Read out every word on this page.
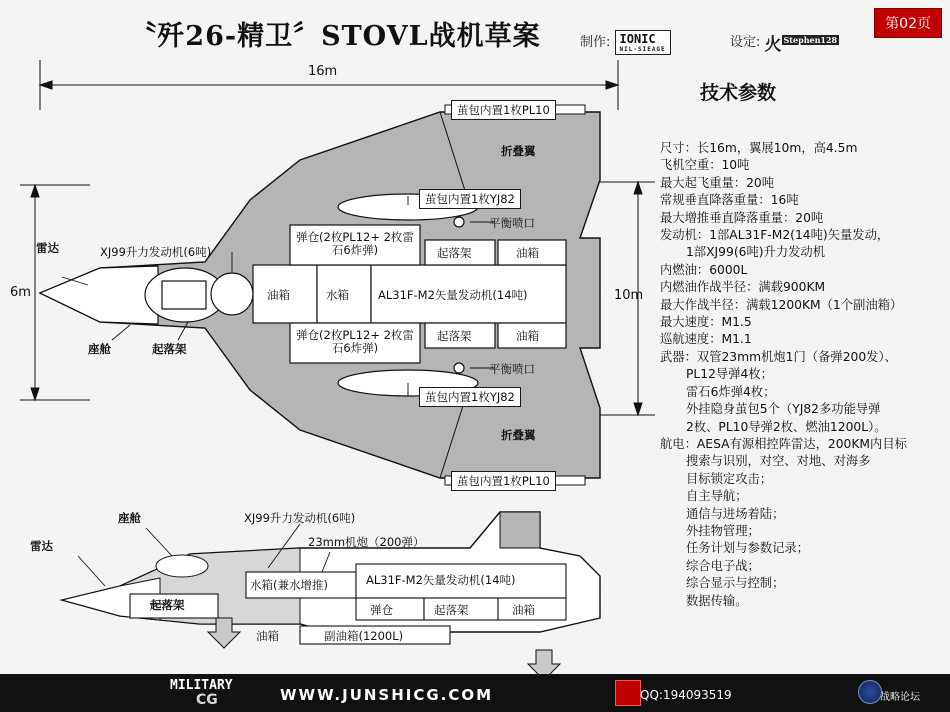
〝歼26-精卫〞STOVL战机草案	制作: IONIC
NIL-SIEAGE	设定: 火 $^{Stephen128}$
第02页
16m
6m	10m
茧包内置1枚PL10
茧包内置1枚YJ82
茧包内置1枚YJ82
茧包内置1枚PL10
折叠翼
折叠翼
平衡喷口
平衡喷口
弹仓(2枚PL12+ 2枚雷石6炸弹)
弹仓(2枚PL12+ 2枚雷石6炸弹)
起落架	油箱
起落架	油箱
油箱	水箱	AL31F-M2矢量发动机(14吨)
雷达
座舱	起落架
XJ99升力发动机(6吨)
雷达
座舱	XJ99升力发动机(6吨)
23mm机炮（200弹）
起落架
水箱(兼水增推)	AL31F-M2矢量发动机(14吨)
弹仓	起落架	油箱
副油箱(1200L)
油箱
技术参数
尺寸：长16m，翼展10m，高4.5m
飞机空重：10吨
最大起飞重量：20吨
常规垂直降落重量：16吨
最大增推垂直降落重量：20吨
发动机：1部AL31F-M2(14吨)矢量发动，
1部XJ99(6吨)升力发动机
内燃油：6000L
内燃油作战半径：满载900KM
最大作战半径：满载1200KM（1个副油箱）
最大速度：M1.5
巡航速度：M1.1
武器：双管23mm机炮1门（备弹200发）、
PL12导弹4枚；
雷石6炸弹4枚；
外挂隐身茧包5个（YJ82多功能导弹
2枚、PL10导弹2枚、燃油1200L）。
航电：AESA有源相控阵雷达，200KM内目标
搜索与识别，对空、对地、对海多
目标锁定攻击；
自主导航；
通信与进场着陆；
外挂物管理；
任务计划与参数记录；
综合电子战；
综合显示与控制；
数据传输。
MILITARY
CG	WWW.JUNSHICG.COM	QQ:194093519	战略论坛
